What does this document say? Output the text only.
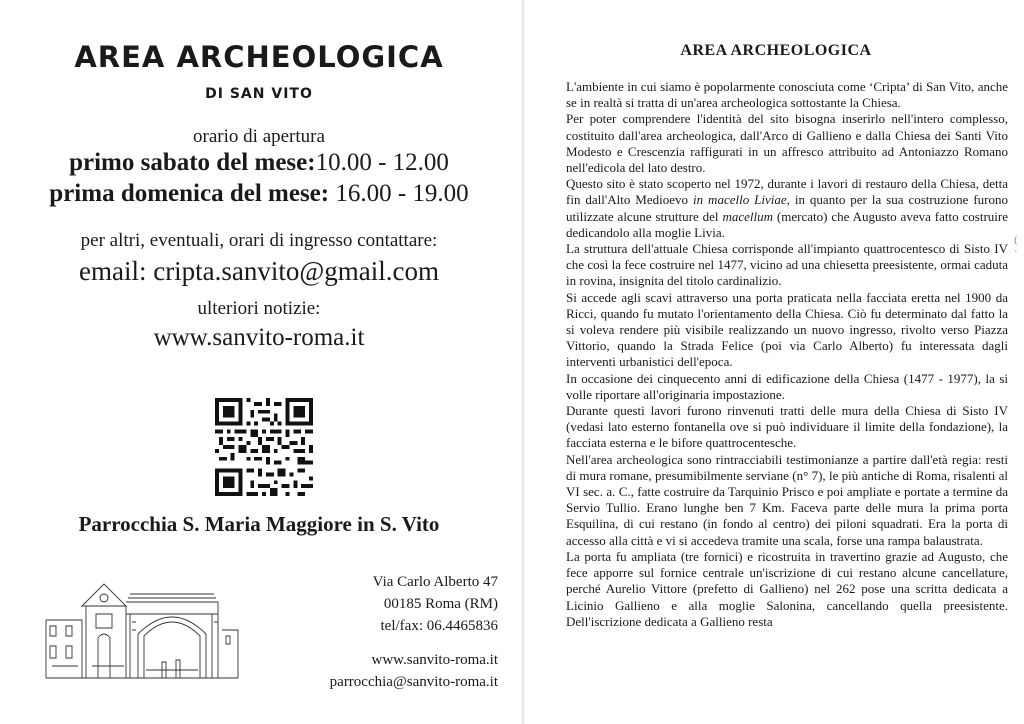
AREA ARCHEOLOGICA
DI SAN VITO
orario di apertura
primo sabato del mese:10.00 - 12.00
prima domenica del mese: 16.00 - 19.00
per altri, eventuali, orari di ingresso contattare:
email: cripta.sanvito@gmail.com
ulteriori notizie:
www.sanvito-roma.it
Parrocchia S. Maria Maggiore in S. Vito
Via Carlo Alberto 47
00185 Roma (RM)
tel/fax: 06.4465836
www.sanvito-roma.it
parrocchia@sanvito-roma.it
AREA ARCHEOLOGICA
( ·

L'ambiente in cui siamo è popolarmente conosciuta come ‘Cripta’ di San Vito, anche se in realtà si tratta di un'area archeologica sottostante la Chiesa.

Per poter comprendere l'identità del sito bisogna inserirlo nell'intero complesso, costituito dall'area archeologica, dall'Arco di Gallieno e dalla Chiesa dei Santi Vito Modesto e Crescenzia raffigurati in un affresco attribuito ad Antoniazzo Romano nell'edicola del lato destro.

Questo sito è stato scoperto nel 1972, durante i lavori di restauro della Chiesa, detta fin dall'Alto Medioevo in macello Liviae, in quanto per la sua costruzione furono utilizzate alcune strutture del macellum (mercato) che Augusto aveva fatto costruire dedicandolo alla moglie Livia.

La struttura dell'attuale Chiesa corrisponde all'impianto quattrocentesco di Sisto IV che così la fece costruire nel 1477, vicino ad una chiesetta preesistente, ormai caduta in rovina, insignita del titolo cardinalizio.

Si accede agli scavi attraverso una porta praticata nella facciata eretta nel 1900 da Ricci, quando fu mutato l'orientamento della Chiesa. Ciò fu determinato dal fatto la si voleva rendere più visibile realizzando un nuovo ingresso, rivolto verso Piazza Vittorio, quando la Strada Felice (poi via Carlo Alberto) fu interessata dagli interventi urbanistici dell'epoca.

In occasione dei cinquecento anni di edificazione della Chiesa (1477 - 1977), la si volle riportare all'originaria impostazione.

Durante questi lavori furono rinvenuti tratti delle mura della Chiesa di Sisto IV (vedasi lato esterno fontanella ove si può individuare il limite della fondazione), la facciata esterna e le bifore quattrocentesche.

Nell'area archeologica sono rintracciabili testimonianze a partire dall'età regia: resti di mura romane, presumibilmente serviane (n° 7), le più antiche di Roma, risalenti al VI sec. a. C., fatte costruire da Tarquinio Prisco e poi ampliate e portate a termine da Servio Tullio. Erano lunghe ben 7 Km. Faceva parte delle mura la prima porta Esquilina, di cui restano (in fondo al centro) dei piloni squadrati. Era la porta di accesso alla città e vi si accedeva tramite una scala, forse una rampa balaustrata.

La porta fu ampliata (tre fornici) e ricostruita in travertino grazie ad Augusto, che fece apporre sul fornice centrale un'iscrizione di cui restano alcune cancellature, perché Aurelio Vittore (prefetto di Gallieno) nel 262 pose una scritta dedicata a Licinio Gallieno e alla moglie Salonina, cancellando quella preesistente. Dell'iscrizione dedicata a Gallieno resta
